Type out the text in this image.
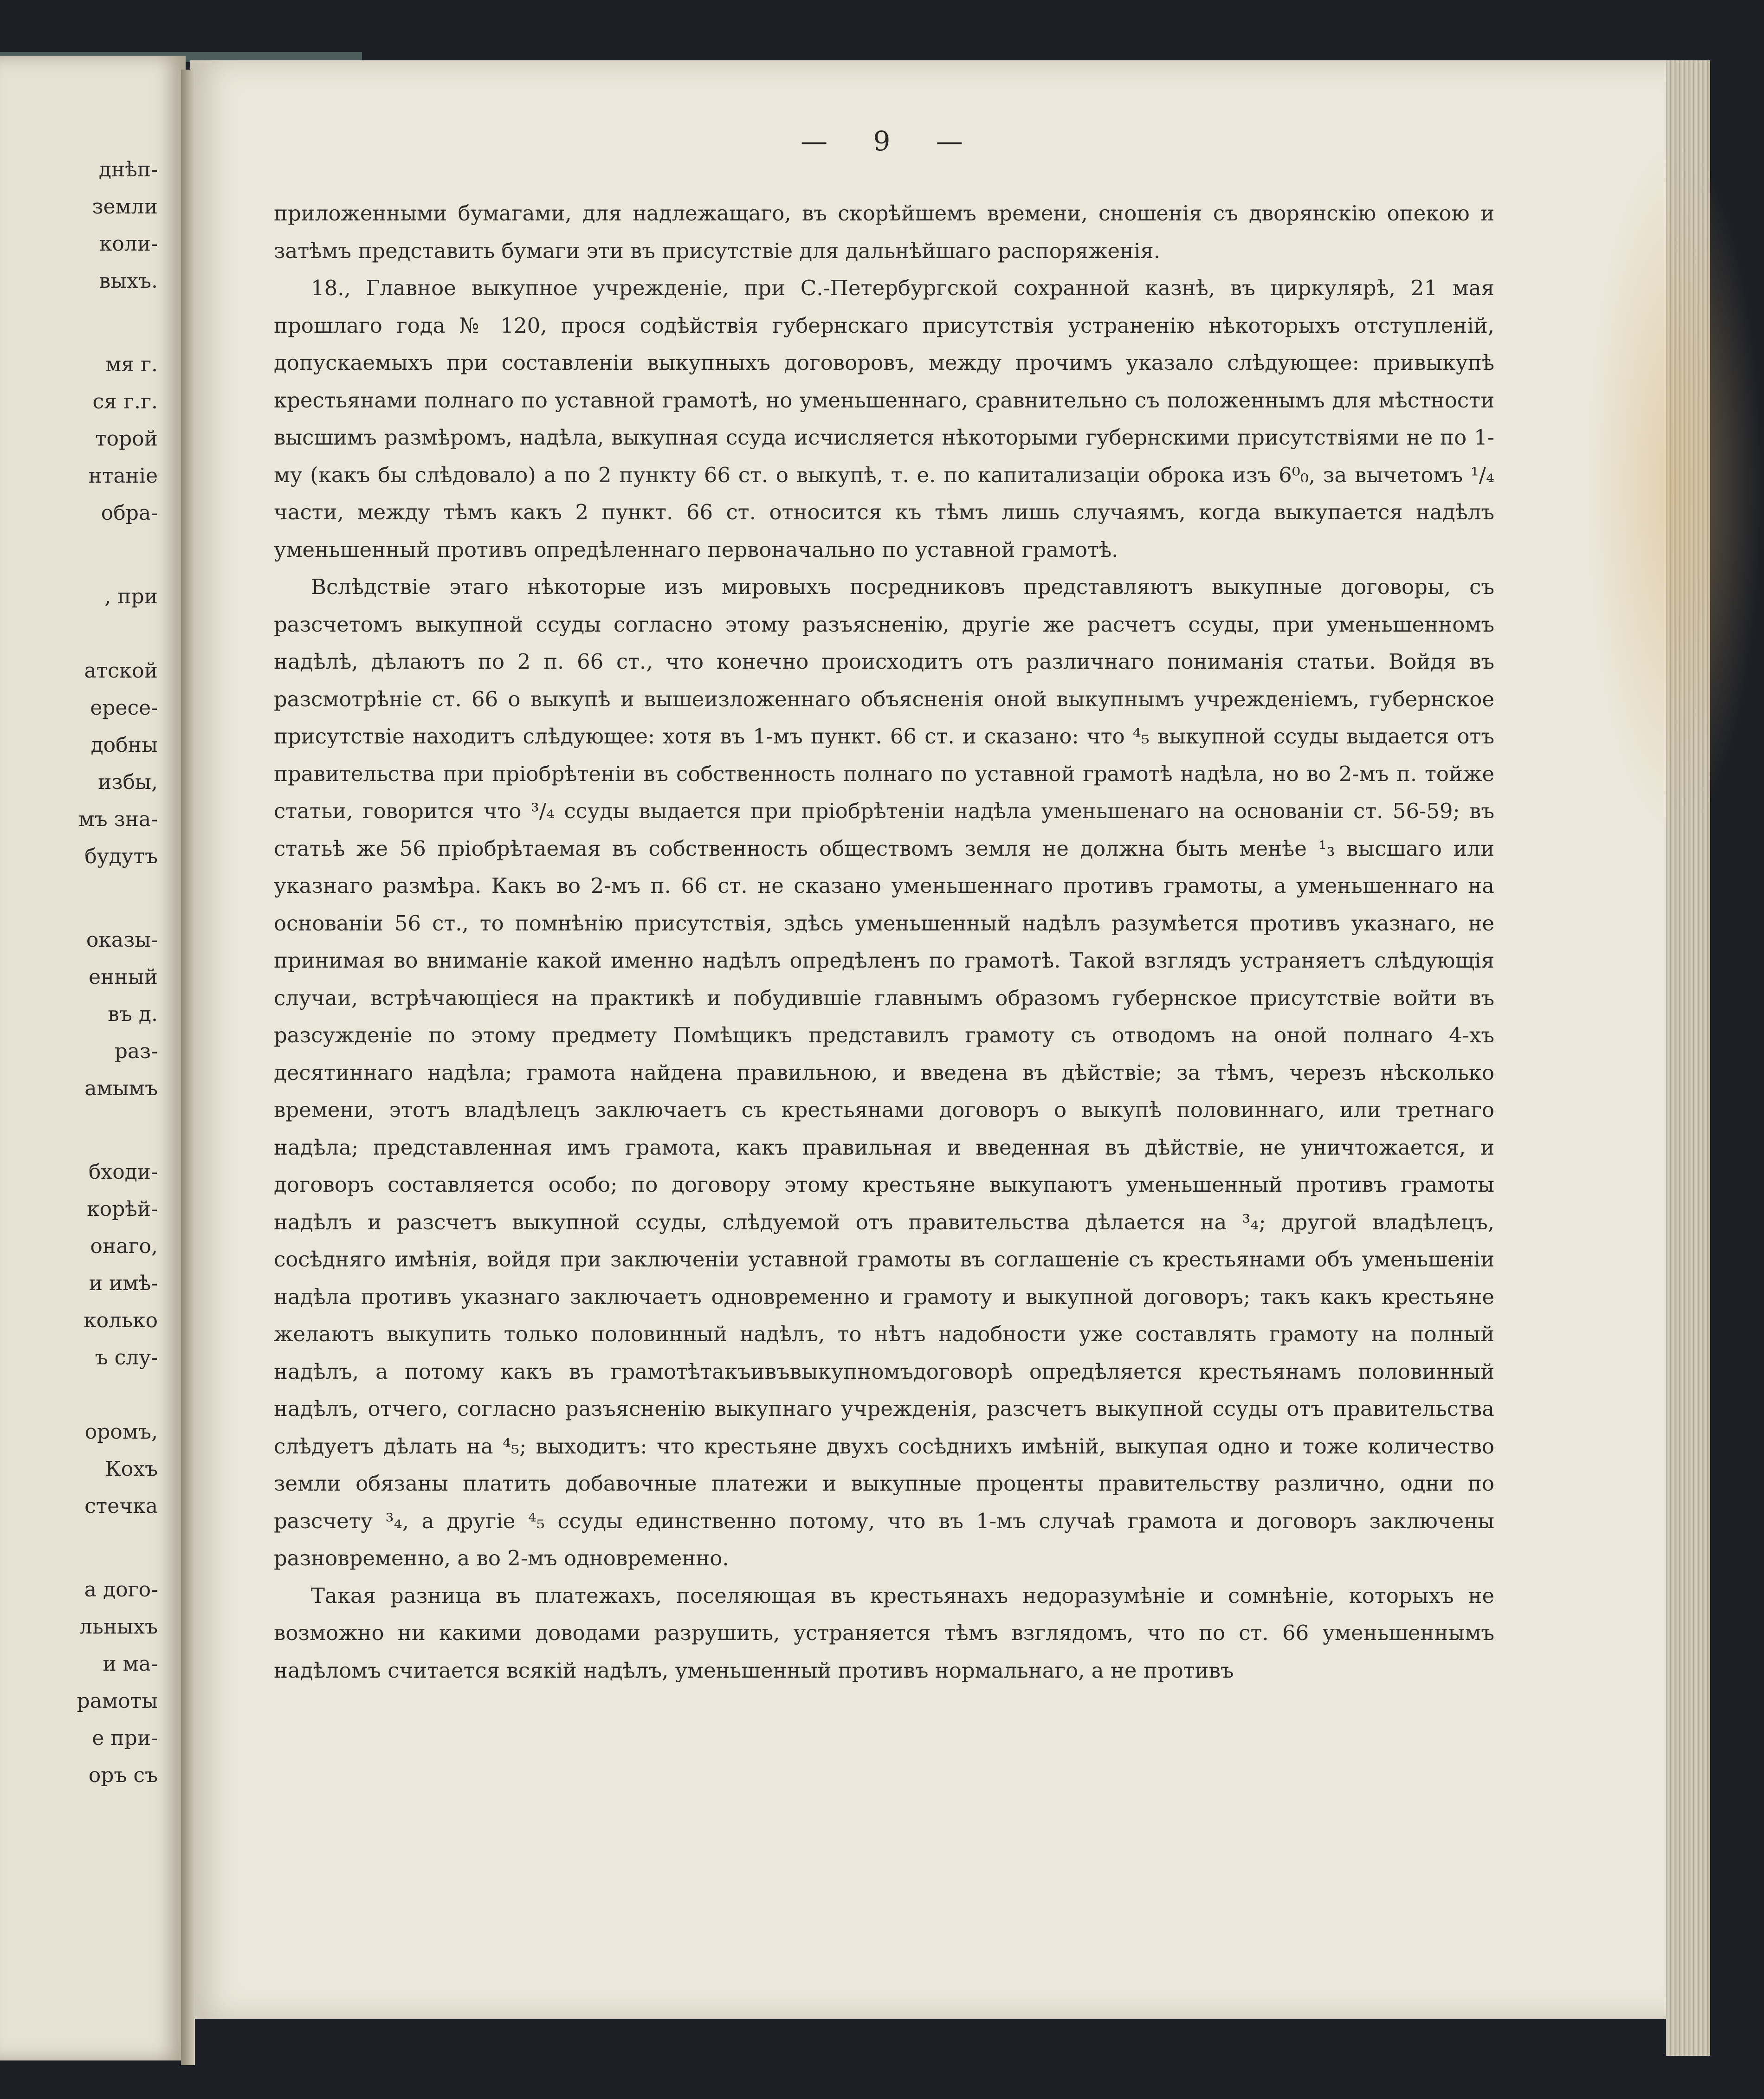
днѣп-
земли
коли-
выхъ.
мя г.
ся г.г.
торой
нтаніе
обра-
, при
атской
ересе-
добны
избы,
мъ зна-
будутъ
оказы-
енный
въ д.
раз-
амымъ
бходи-
корѣй-
онаго,
и имѣ-
колько
ъ слу-
оромъ,
Кохъ
стечка
а дого-
льныхъ
и ма-
рамоты
е при-
оръ съ
— 9 —

приложенными бумагами, для надлежащаго, въ скорѣйшемъ времени, сношенія съ дворянскію опекою и затѣмъ представить бумаги эти въ присутствіе для дальнѣйшаго распоряженія.

18., Главное выкупное учрежденіе, при С.-Петербургской сохранной казнѣ, въ циркулярѣ, 21 мая прошлаго года № 120, прося содѣйствія губернскаго присутствія устраненію нѣкоторыхъ отступленій, допускаемыхъ при составленіи выкупныхъ договоровъ, между прочимъ указало слѣдующее: привыкупѣ крестьянами полнаго по уставной грамотѣ, но уменьшеннаго, сравнительно съ положеннымъ для мѣстности высшимъ размѣромъ, надѣла, выкупная ссуда исчисляется нѣкоторыми губернскими присутствіями не по 1-му (какъ бы слѣдовало) а по 2 пункту 66 ст. о выкупѣ, т. е. по капитализаціи оброка изъ 6⁰₀, за вычетомъ ¹/₄ части, между тѣмъ какъ 2 пункт. 66 ст. относится къ тѣмъ лишь случаямъ, когда выкупается надѣлъ уменьшенный противъ опредѣленнаго первоначально по уставной грамотѣ.

Вслѣдствіе этаго нѣкоторые изъ мировыхъ посредниковъ представляютъ выкупные договоры, съ разсчетомъ выкупной ссуды согласно этому разъясненію, другіе же расчетъ ссуды, при уменьшенномъ надѣлѣ, дѣлаютъ по 2 п. 66 ст., что конечно происходитъ отъ различнаго пониманія статьи. Войдя въ разсмотрѣніе ст. 66 о выкупѣ и вышеизложеннаго объясненія оной выкупнымъ учрежденіемъ, губернское присутствіе находитъ слѣдующее: хотя въ 1-мъ пункт. 66 ст. и сказано: что ⁴₅ выкупной ссуды выдается отъ правительства при пріобрѣтеніи въ собственность полнаго по уставной грамотѣ надѣла, но во 2-мъ п. тойже статьи, говорится что ³/₄ ссуды выдается при пріобрѣтеніи надѣла уменьшенаго на основаніи ст. 56-59; въ статьѣ же 56 пріобрѣтаемая въ собственность обществомъ земля не должна быть менѣе ¹₃ высшаго или указнаго размѣра. Какъ во 2-мъ п. 66 ст. не сказано уменьшеннаго противъ грамоты, а уменьшеннаго на основаніи 56 ст., то помнѣнію присутствія, здѣсь уменьшенный надѣлъ разумѣется противъ указнаго, не принимая во вниманіе какой именно надѣлъ опредѣленъ по грамотѣ. Такой взглядъ устраняетъ слѣдующія случаи, встрѣчающіеся на практикѣ и побудившіе главнымъ образомъ губернское присутствіе войти въ разсужденіе по этому предмету Помѣщикъ представилъ грамоту съ отводомъ на оной полнаго 4-хъ десятиннаго надѣла; грамота найдена правильною, и введена въ дѣйствіе; за тѣмъ, черезъ нѣсколько времени, этотъ владѣлецъ заключаетъ съ крестьянами договоръ о выкупѣ половиннаго, или третнаго надѣла; представленная имъ грамота, какъ правильная и введенная въ дѣйствіе, не уничтожается, и договоръ составляется особо; по договору этому крестьяне выкупаютъ уменьшенный противъ грамоты надѣлъ и разсчетъ выкупной ссуды, слѣдуемой отъ правительства дѣлается на ³₄; другой владѣлецъ, сосѣдняго имѣнія, войдя при заключеніи уставной грамоты въ соглашеніе съ крестьянами объ уменьшеніи надѣла противъ указнаго заключаетъ одновременно и грамоту и выкупной договоръ; такъ какъ крестьяне желаютъ выкупить только половинный надѣлъ, то нѣтъ надобности уже составлять грамоту на полный надѣлъ, а потому какъ въ грамотѣтакъивъвыкупномъдоговорѣ опредѣляется крестьянамъ половинный надѣлъ, отчего, согласно разъясненію выкупнаго учрежденія, разсчетъ выкупной ссуды отъ правительства слѣдуетъ дѣлать на ⁴₅; выходитъ: что крестьяне двухъ сосѣднихъ имѣній, выкупая одно и тоже количество земли обязаны платить добавочные платежи и выкупные проценты правительству различно, одни по разсчету ³₄, а другіе ⁴₅ ссуды единственно потому, что въ 1-мъ случаѣ грамота и договоръ заключены разновременно, а во 2-мъ одновременно.

Такая разница въ платежахъ, поселяющая въ крестьянахъ недоразумѣніе и сомнѣніе, которыхъ не возможно ни какими доводами разрушить, устраняется тѣмъ взглядомъ, что по ст. 66 уменьшеннымъ надѣломъ считается всякій надѣлъ, уменьшенный противъ нормальнаго, а не противъ
